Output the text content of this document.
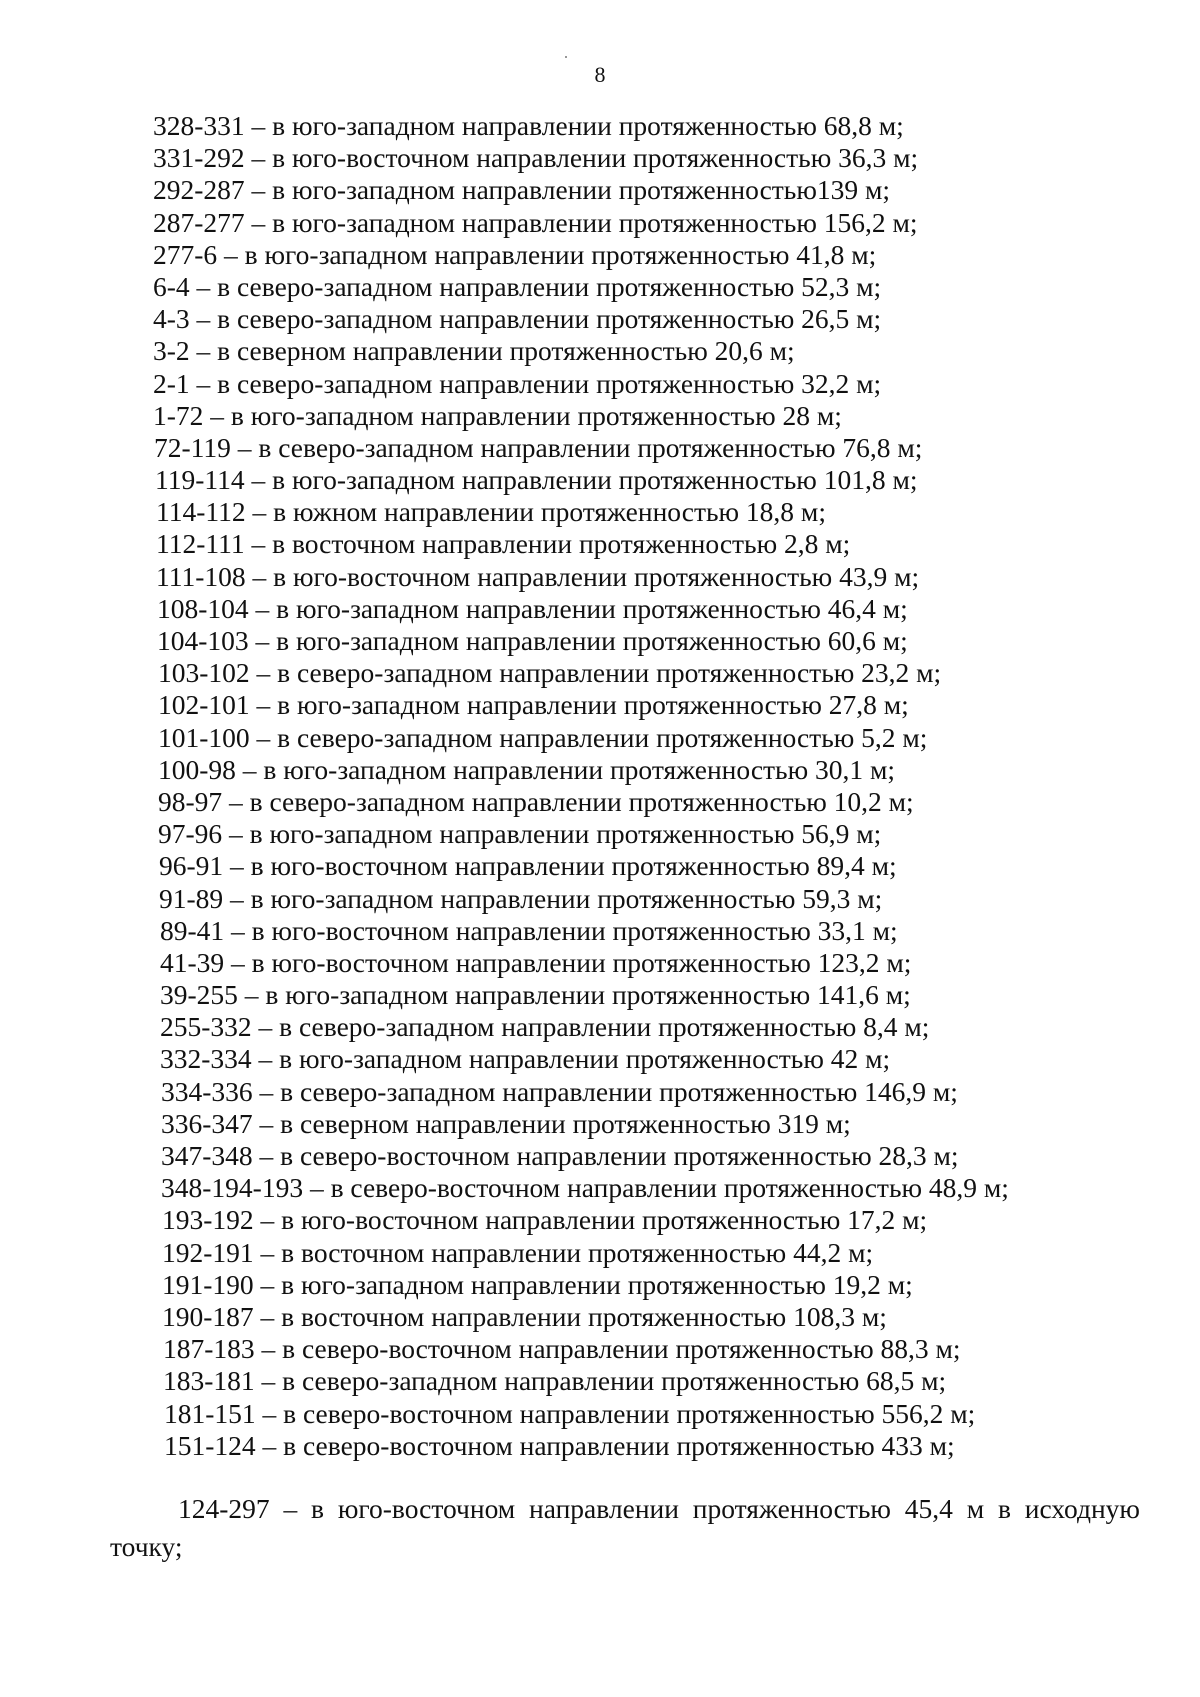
8
328-331 – в юго-западном направлении протяженностью 68,8 м;
331-292 – в юго-восточном направлении протяженностью 36,3 м;
292-287 – в юго-западном направлении протяженностью139 м;
287-277 – в юго-западном направлении протяженностью 156,2 м;
277-6 – в юго-западном направлении протяженностью 41,8 м;
6-4 – в северо-западном направлении протяженностью 52,3 м;
4-3 – в северо-западном направлении протяженностью 26,5 м;
3-2 – в северном направлении протяженностью 20,6 м;
2-1 – в северо-западном направлении протяженностью 32,2 м;
1-72 – в юго-западном направлении протяженностью 28 м;
72-119 – в северо-западном направлении протяженностью 76,8 м;
119-114 – в юго-западном направлении протяженностью 101,8 м;
114-112 – в южном направлении протяженностью 18,8 м;
112-111 – в восточном направлении протяженностью 2,8 м;
111-108 – в юго-восточном направлении протяженностью 43,9 м;
108-104 – в юго-западном направлении протяженностью 46,4 м;
104-103 – в юго-западном направлении протяженностью 60,6 м;
103-102 – в северо-западном направлении протяженностью 23,2 м;
102-101 – в юго-западном направлении протяженностью 27,8 м;
101-100 – в северо-западном направлении протяженностью 5,2 м;
100-98 – в юго-западном направлении протяженностью 30,1 м;
98-97 – в северо-западном направлении протяженностью 10,2 м;
97-96 – в юго-западном направлении протяженностью 56,9 м;
96-91 – в юго-восточном направлении протяженностью 89,4 м;
91-89 – в юго-западном направлении протяженностью 59,3 м;
89-41 – в юго-восточном направлении протяженностью 33,1 м;
41-39 – в юго-восточном направлении протяженностью 123,2 м;
39-255 – в юго-западном направлении протяженностью 141,6 м;
255-332 – в северо-западном направлении протяженностью 8,4 м;
332-334 – в юго-западном направлении протяженностью 42 м;
334-336 – в северо-западном направлении протяженностью 146,9 м;
336-347 – в северном направлении протяженностью 319 м;
347-348 – в северо-восточном направлении протяженностью 28,3 м;
348-194-193 – в северо-восточном направлении протяженностью 48,9 м;
193-192 – в юго-восточном направлении протяженностью 17,2 м;
192-191 – в восточном направлении протяженностью 44,2 м;
191-190 – в юго-западном направлении протяженностью 19,2 м;
190-187 – в восточном направлении протяженностью 108,3 м;
187-183 – в северо-восточном направлении протяженностью 88,3 м;
183-181 – в северо-западном направлении протяженностью 68,5 м;
181-151 – в северо-восточном направлении протяженностью 556,2 м;
151-124 – в северо-восточном направлении протяженностью 433 м;
124-297 – в юго-восточном направлении протяженностью 45,4 м в исходную
точку;
